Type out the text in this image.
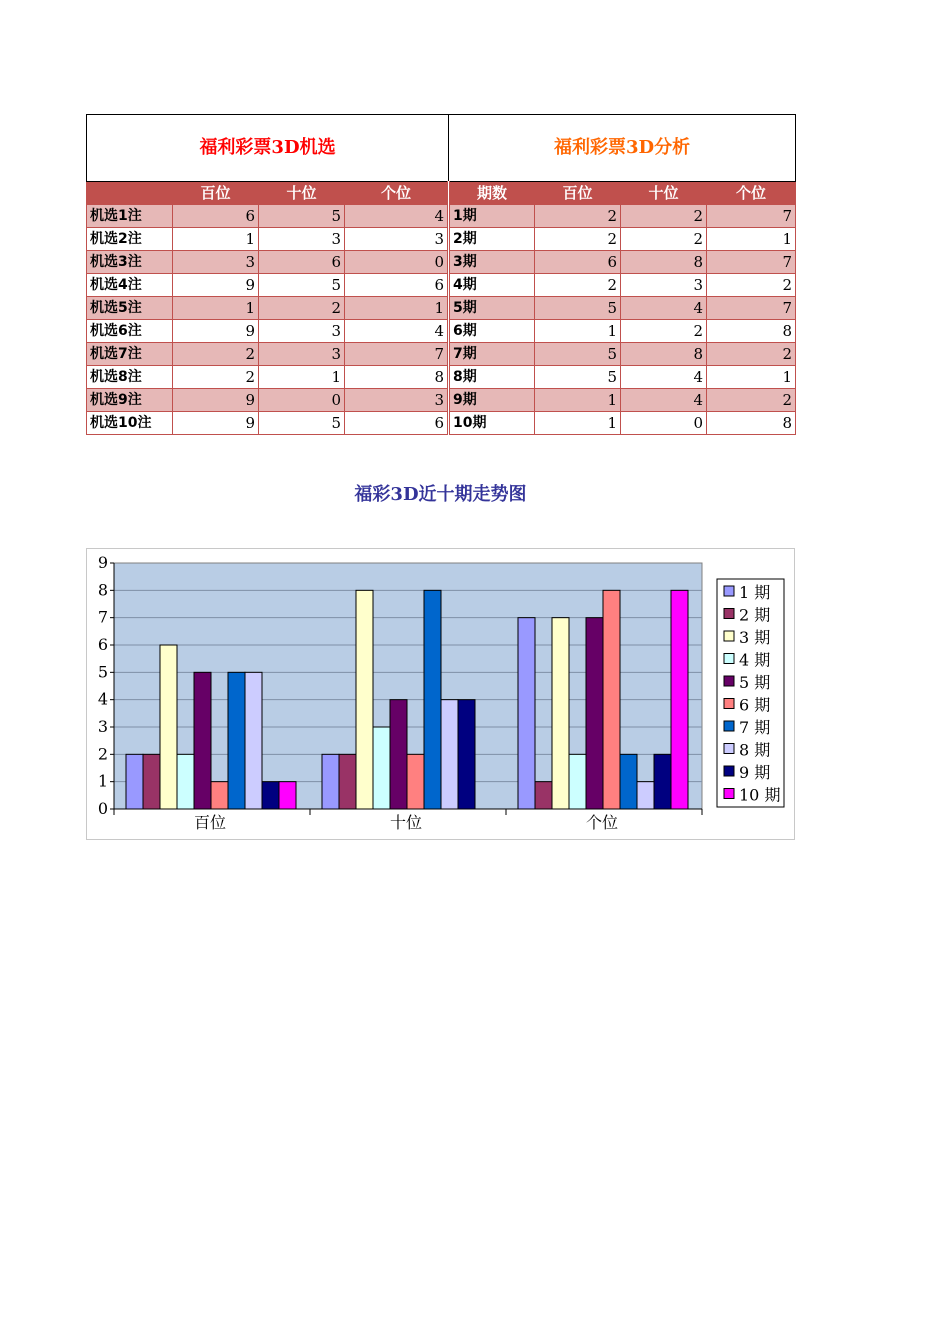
福利彩票3D机选				福利彩票3D分析			
	百位	十位	个位	期数	百位	十位	个位
机选1注	6	5	4	1期	2	2	7
机选2注	1	3	3	2期	2	2	1
机选3注	3	6	0	3期	6	8	7
机选4注	9	5	6	4期	2	3	2
机选5注	1	2	1	5期	5	4	7
机选6注	9	3	4	6期	1	2	8
机选7注	2	3	7	7期	5	8	2
机选8注	2	1	8	8期	5	4	1
机选9注	9	0	3	9期	1	4	2
机选10注	9	5	6	10期	1	0	8
福彩3D近十期走势图
0
1
2
3
4
5
6
7
8
9
百位	十位	个位
1 期
2 期
3 期
4 期
5 期
6 期
7 期
8 期
9 期
10 期
